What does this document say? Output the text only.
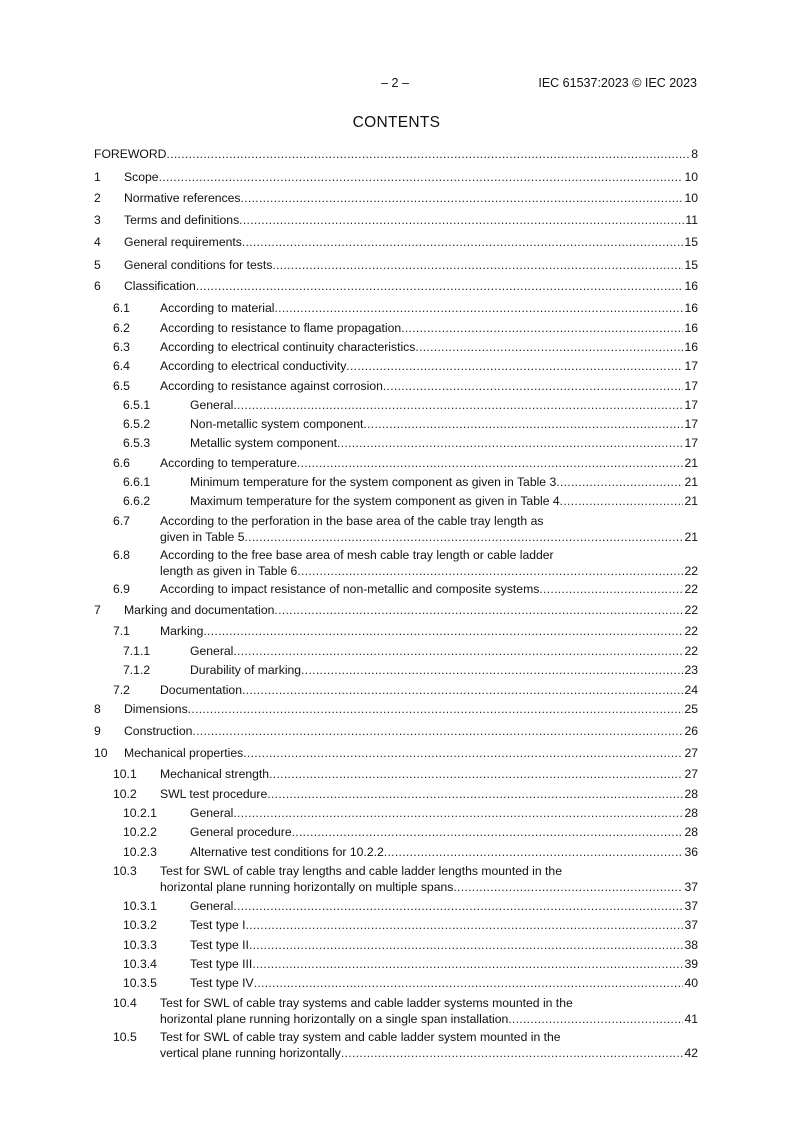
– 2 –	IEC 61537:2023 © IEC 2023
CONTENTS
FOREWORD .....	8
1 Scope .....	10
2 Normative references .....	10
3 Terms and definitions .....	11
4 General requirements .....	15
5 General conditions for tests .....	15
6 Classification .....	16
6.1 According to material .....	16
6.2 According to resistance to flame propagation .....	16
6.3 According to electrical continuity characteristics .....	16
6.4 According to electrical conductivity .....	17
6.5 According to resistance against corrosion .....	17
6.5.1	General .....	17
6.5.2	Non-metallic system component .....	17
6.5.3	Metallic system component .....	17
6.6 According to temperature .....	21
6.6.1	Minimum temperature for the system component as given in Table 3 .....	21
6.6.2	Maximum temperature for the system component as given in Table 4 .....	21
6.7 According to the perforation in the base area of the cable tray length as
given in Table 5 .....	21
6.8 According to the free base area of mesh cable tray length or cable ladder
length as given in Table 6 .....	22
6.9 According to impact resistance of non-metallic and composite systems .....	22
7 Marking and documentation .....	22
7.1 Marking .....	22
7.1.1	General .....	22
7.1.2	Durability of marking .....	23
7.2 Documentation .....	24
8 Dimensions .....	25
9 Construction .....	26
10 Mechanical properties .....	27
10.1 Mechanical strength .....	27
10.2 SWL test procedure .....	28
10.2.1	General .....	28
10.2.2	General procedure .....	28
10.2.3	Alternative test conditions for 10.2.2 .....	36
10.3 Test for SWL of cable tray lengths and cable ladder lengths mounted in the
horizontal plane running horizontally on multiple spans .....	37
10.3.1	General .....	37
10.3.2	Test type I .....	37
10.3.3	Test type II .....	38
10.3.4	Test type III .....	39
10.3.5	Test type IV .....	40
10.4 Test for SWL of cable tray systems and cable ladder systems mounted in the
horizontal plane running horizontally on a single span installation .....	41
10.5 Test for SWL of cable tray system and cable ladder system mounted in the
vertical plane running horizontally .....	42
